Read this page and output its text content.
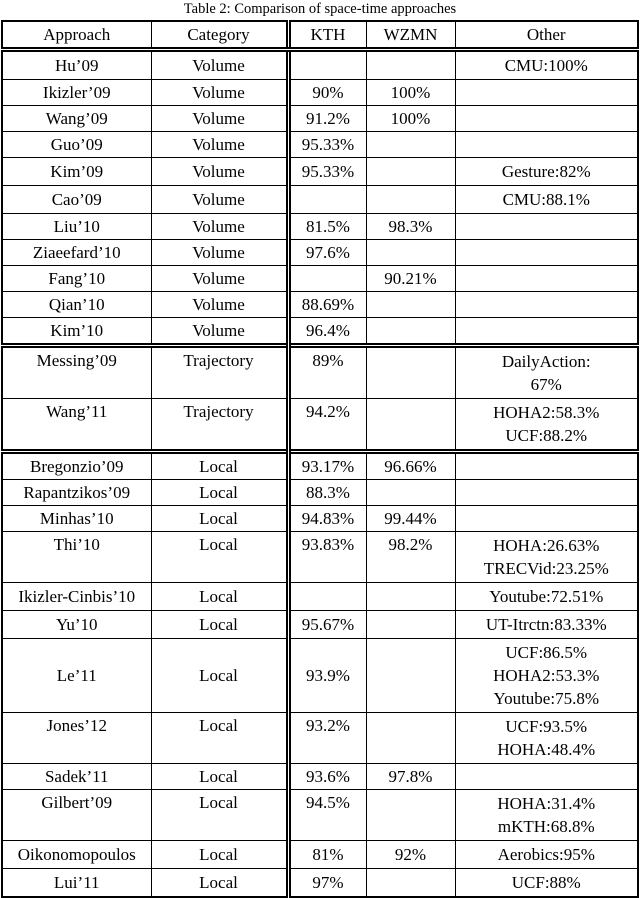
Table 2: Comparison of space-time approaches
Approach	Category	KTH	WZMN	Other
Hu’09	Volume			CMU:100%

Ikizler’09	Volume	90%	100%	
Wang’09	Volume	91.2%	100%	
Guo’09	Volume	95.33%		
Kim’09	Volume	95.33%		Gesture:82%

Cao’09	Volume			CMU:88.1%

Liu’10	Volume	81.5%	98.3%	
Ziaeefard’10	Volume	97.6%		
Fang’10	Volume		90.21%	
Qian’10	Volume	88.69%		
Kim’10	Volume	96.4%		
Messing’09	Trajectory	89%		DailyAction:
67%

Wang’11	Trajectory	94.2%		HOHA2:58.3%
UCF:88.2%

Bregonzio’09	Local	93.17%	96.66%	
Rapantzikos’09	Local	88.3%		
Minhas’10	Local	94.83%	99.44%	
Thi’10	Local	93.83%	98.2%	HOHA:26.63%
TRECVid:23.25%

Ikizler-Cinbis’10	Local			Youtube:72.51%

Yu’10	Local	95.67%		UT-Itrctn:83.33%

Le’11	Local	93.9%		UCF:86.5%
HOHA2:53.3%
Youtube:75.8%

Jones’12	Local	93.2%		UCF:93.5%
HOHA:48.4%

Sadek’11	Local	93.6%	97.8%	
Gilbert’09	Local	94.5%		HOHA:31.4%
mKTH:68.8%

Oikonomopoulos	Local	81%	92%	Aerobics:95%

Lui’11	Local	97%		UCF:88%
